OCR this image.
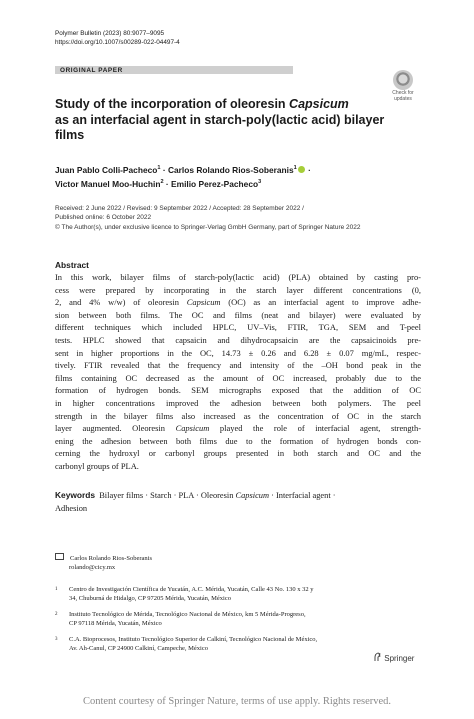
Polymer Bulletin (2023) 80:9077–9095
https://doi.org/10.1007/s00289-022-04497-4
ORIGINAL PAPER
Check for
updates
Study of the incorporation of oleoresin Capsicum
as an interfacial agent in starch-poly(lactic acid) bilayer
films
Juan Pablo Colli-Pacheco$^1$ · Carlos Rolando Rios-Soberanis$^1$ ·
Victor Manuel Moo-Huchin$^2$ · Emilio Perez-Pacheco$^3$
Received: 2 June 2022 / Revised: 9 September 2022 / Accepted: 28 September 2022 /
Published online: 6 October 2022
© The Author(s), under exclusive licence to Springer-Verlag GmbH Germany, part of Springer Nature 2022
Abstract
In this work, bilayer films of starch-poly(lactic acid) (PLA) obtained by casting pro-
cess were prepared by incorporating in the starch layer different concentrations (0,
2, and 4% w/w) of oleoresin Capsicum (OC) as an interfacial agent to improve adhe-
sion between both films. The OC and films (neat and bilayer) were evaluated by
different techniques which included HPLC, UV–Vis, FTIR, TGA, SEM and T-peel
tests. HPLC showed that capsaicin and dihydrocapsaicin are the capsaicinoids pre-
sent in higher proportions in the OC, 14.73 ± 0.26 and 6.28 ± 0.07 mg/mL, respec-
tively. FTIR revealed that the frequency and intensity of the –OH bond peak in the
films containing OC decreased as the amount of OC increased, probably due to the
formation of hydrogen bonds. SEM micrographs exposed that the addition of OC
in higher concentrations improved the adhesion between both polymers. The peel
strength in the bilayer films also increased as the concentration of OC in the starch
layer augmented. Oleoresin Capsicum played the role of interfacial agent, strength-
ening the adhesion between both films due to the formation of hydrogen bonds con-
cerning the hydroxyl or carbonyl groups presented in both starch and OC and the
carbonyl groups of PLA.
Keywords Bilayer films · Starch · PLA · Oleoresin Capsicum · Interfacial agent ·
Adhesion
Carlos Rolando Rios-Soberanis
rolando@cicy.mx
1 Centro de Investigación Científica de Yucatán, A.C. Mérida, Yucatán, Calle 43 No. 130 x 32 y
34, Chuburná de Hidalgo, CP 97205 Mérida, Yucatán, México
2 Instituto Tecnológico de Mérida, Tecnológico Nacional de México, km 5 Mérida-Progreso,
CP 97118 Mérida, Yucatán, México
3 C.A. Bioprocesos, Instituto Tecnológico Superior de Calkiní, Tecnológico Nacional de México,
Av. Ah-Canul, CP 24900 Calkiní, Campeche, México
Springer
Content courtesy of Springer Nature, terms of use apply. Rights reserved.
